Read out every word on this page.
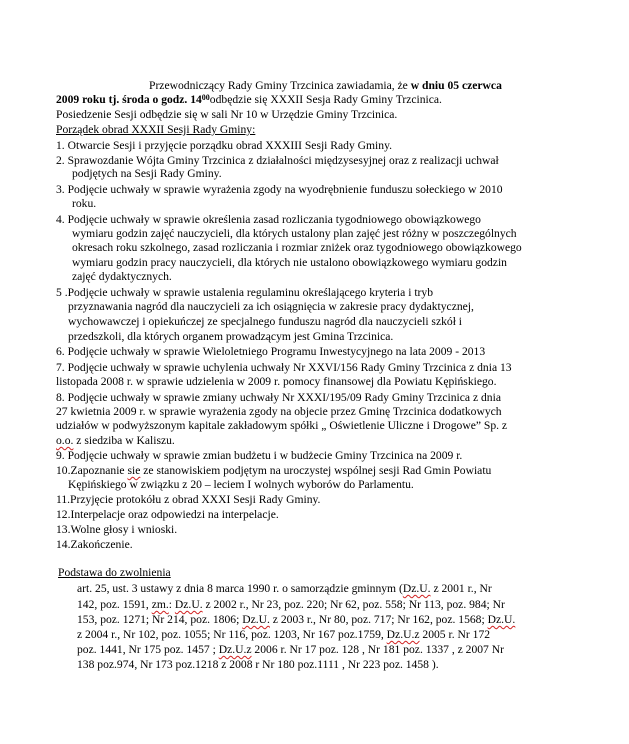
Przewodniczący Rady Gminy Trzcinica zawiadamia, że w dniu 05 czerwca
2009 roku tj. środa o godz. $14^{00}odbędzie$ się XXXII Sesja Rady Gminy Trzcinica.
Posiedzenie Sesji odbędzie się w sali Nr 10 w Urzędzie Gminy Trzcinica.
Porządek obrad XXXII Sesji Rady Gminy:
1. Otwarcie Sesji i przyjęcie porządku obrad XXXIII Sesji Rady Gminy.
2. Sprawozdanie Wójta Gminy Trzcinica z działalności międzysesyjnej oraz z realizacji uchwał
podjętych na Sesji Rady Gminy.
3. Podjęcie uchwały w sprawie wyrażenia zgody na wyodrębnienie funduszu sołeckiego w 2010
roku.
4. Podjęcie uchwały w sprawie określenia zasad rozliczania tygodniowego obowiązkowego
wymiaru godzin zajęć nauczycieli, dla których ustalony plan zajęć jest różny w poszczególnych
okresach roku szkolnego, zasad rozliczania i rozmiar zniżek oraz tygodniowego obowiązkowego
wymiaru godzin pracy nauczycieli, dla których nie ustalono obowiązkowego wymiaru godzin
zajęć dydaktycznych.
5 .Podjęcie uchwały w sprawie ustalenia regulaminu określającego kryteria i tryb
przyznawania nagród dla nauczycieli za ich osiągnięcia w zakresie pracy dydaktycznej,
wychowawczej i opiekuńczej ze specjalnego funduszu nagród dla nauczycieli szkół i
przedszkoli, dla których organem prowadzącym jest Gmina Trzcinica.
6. Podjęcie uchwały w sprawie Wieloletniego Programu Inwestycyjnego na lata 2009 - 2013
7. Podjęcie uchwały w sprawie uchylenia uchwały Nr XXVI/156 Rady Gminy Trzcinica z dnia 13
listopada 2008 r. w sprawie udzielenia w 2009 r. pomocy finansowej dla Powiatu Kępińskiego.
8. Podjęcie uchwały w sprawie zmiany uchwały Nr XXXI/195/09 Rady Gminy Trzcinica z dnia
27 kwietnia 2009 r. w sprawie wyrażenia zgody na objecie przez Gminę Trzcinica dodatkowych
udziałów w podwyższonym kapitale zakładowym spółki „ Oświetlenie Uliczne i Drogowe” Sp. z
o.o. z siedziba w Kaliszu.
9. Podjęcie uchwały w sprawie zmian budżetu i w budżecie Gminy Trzcinica na 2009 r.
10.Zapoznanie sie ze stanowiskiem podjętym na uroczystej wspólnej sesji Rad Gmin Powiatu
Kępińskiego w związku z 20 – leciem I wolnych wyborów do Parlamentu.
11.Przyjęcie protokółu z obrad XXXI Sesji Rady Gminy.
12.Interpelacje oraz odpowiedzi na interpelacje.
13.Wolne głosy i wnioski.
14.Zakończenie.
Podstawa do zwolnienia
art. 25, ust. 3 ustawy z dnia 8 marca 1990 r. o samorządzie gminnym (Dz.U. z 2001 r., Nr
142, poz. 1591, zm.: Dz.U. z 2002 r., Nr 23, poz. 220; Nr 62, poz. 558; Nr 113, poz. 984; Nr
153, poz. 1271; Nr 214, poz. 1806; Dz.U. z 2003 r., Nr 80, poz. 717; Nr 162, poz. 1568; Dz.U.
z 2004 r., Nr 102, poz. 1055; Nr 116, poz. 1203, Nr 167 poz.1759, Dz.U.z 2005 r. Nr 172
poz. 1441, Nr 175 poz. 1457 ; Dz.U.z 2006 r. Nr 17 poz. 128 , Nr 181 poz. 1337 , z 2007 Nr
138 poz.974, Nr 173 poz.1218 z 2008 r Nr 180 poz.1111 , Nr 223 poz. 1458 ).
